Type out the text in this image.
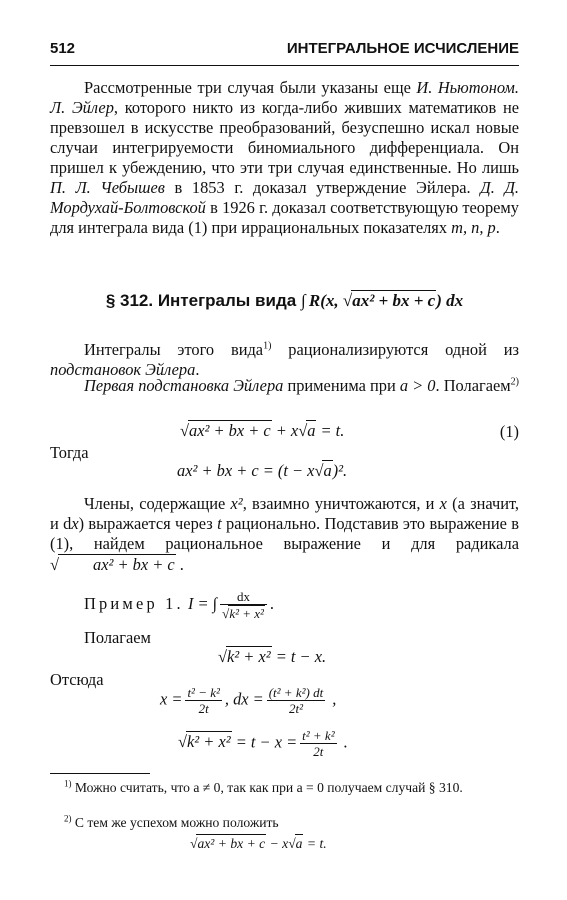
512	ИНТЕГРАЛЬНОЕ ИСЧИСЛЕНИЕ
Рассмотренные три случая были указаны еще И. Ньютоном. Л. Эйлер, которого никто из когда-либо живших математиков не превзошел в искусстве преобразований, безуспешно искал новые случаи интегрируемости биномиального дифференциала. Он пришел к убеждению, что эти три случая единственные. Но лишь П. Л. Чебышев в 1853 г. доказал утверждение Эйлера. Д. Д. Мордухай-Болтовской в 1926 г. доказал соответствующую теорему для интеграла вида (1) при иррациональных показателях m, n, p.
§ 312. Интегралы вида ∫ R(x, √ax² + bx + c) dx
Интегралы этого вида$^{1)}$ рационализируются одной из подстановок Эйлера.
Первая подстановка Эйлера применима при a > 0. Полагаем$^{2)}$
√ax² + bx + c + x√a = t.	(1)
Тогда
ax² + bx + c = (t − x√a)².
Члены, содержащие x², взаимно уничтожаются, и x (а значит, и dx) выражается через t рационально. Подставив это выражение в (1), найдем рациональное выражение и для радикала √ ax² + bx + c .
Пример 1. I = ∫ $\frac{dx}{\text{√k² + x²}}$ .
Полагаем
√k² + x² = t − x.
Отсюда
$x = \frac{\text{t² − k²}}{2t}$ , dx = $\frac{\text{(t² + k²) dt}}{\text{2t²}}$ ,
$√k^2 + x^2 = t - x = \frac{\text{t² + k²}}{2t}$ .
$^{1)}$ Можно считать, что a ≠ 0, так как при a = 0 получаем случай § 310.
$^{2)}$ С тем же успехом можно положить
√ax² + bx + c − x√a = t.
